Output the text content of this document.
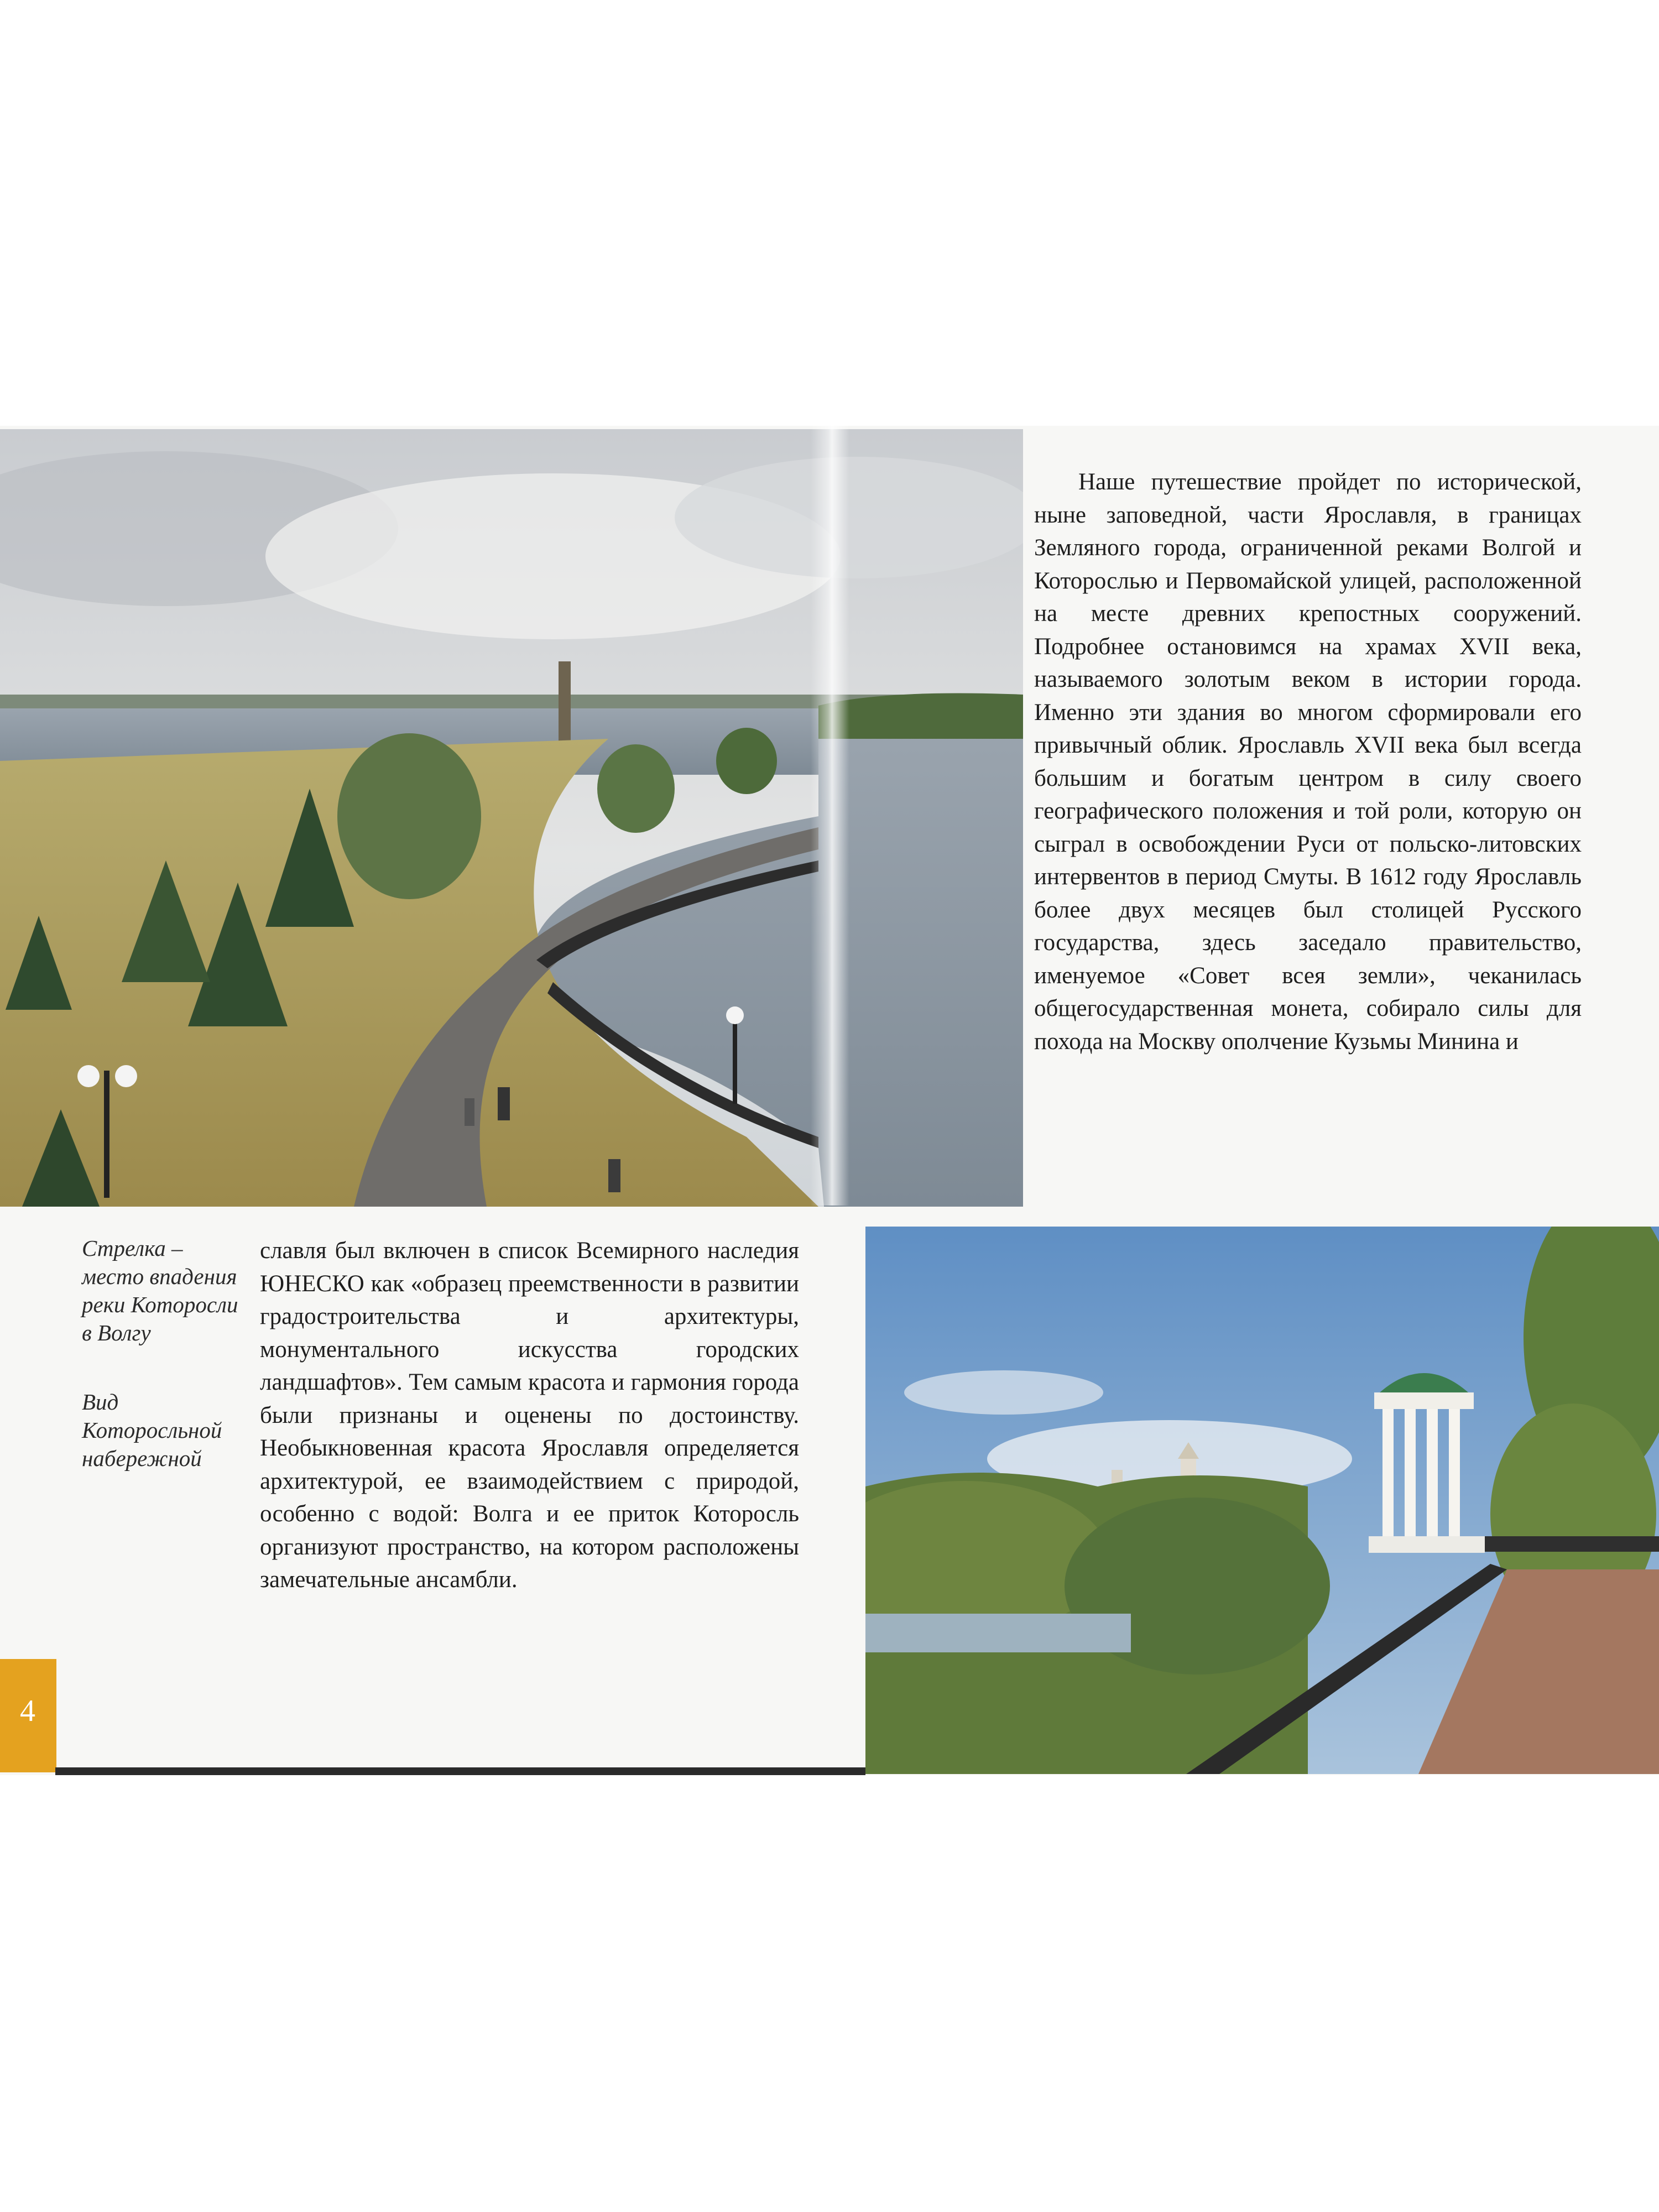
Наше путешествие пройдет по исторической, ныне заповедной, части Ярославля, в границах Земляного города, ограниченной реками Волгой и Которослью и Первомайской улицей, расположенной на месте древних крепостных сооружений. Подробнее остановимся на храмах XVII века, называемого золотым веком в истории города. Именно эти здания во многом сформировали его привычный облик. Ярославль XVII века был всегда большим и богатым центром в силу своего географического положения и той роли, которую он сыграл в освобождении Руси от польско-литовских интервентов в период Смуты. В 1612 году Ярославль более двух месяцев был столицей Русского государства, здесь заседало правительство, именуемое «Совет всея земли», чеканилась общегосударственная монета, собирало силы для похода на Москву ополчение Кузьмы Минина и

Стрелка – место впадения реки Которосли в Волгу
Вид Которосльной набережной

славля был включен в список Всемирного наследия ЮНЕСКО как «образец преемственности в развитии градостроительства и архитектуры, монументального искусства городских ландшафтов». Тем самым красота и гармония города были признаны и оценены по достоинству. Необыкновенная красота Ярославля определяется архитектурой, ее взаимодействием с природой, особенно с водой: Волга и ее приток Которосль организуют пространство, на котором расположены замечательные ансамбли.

4
